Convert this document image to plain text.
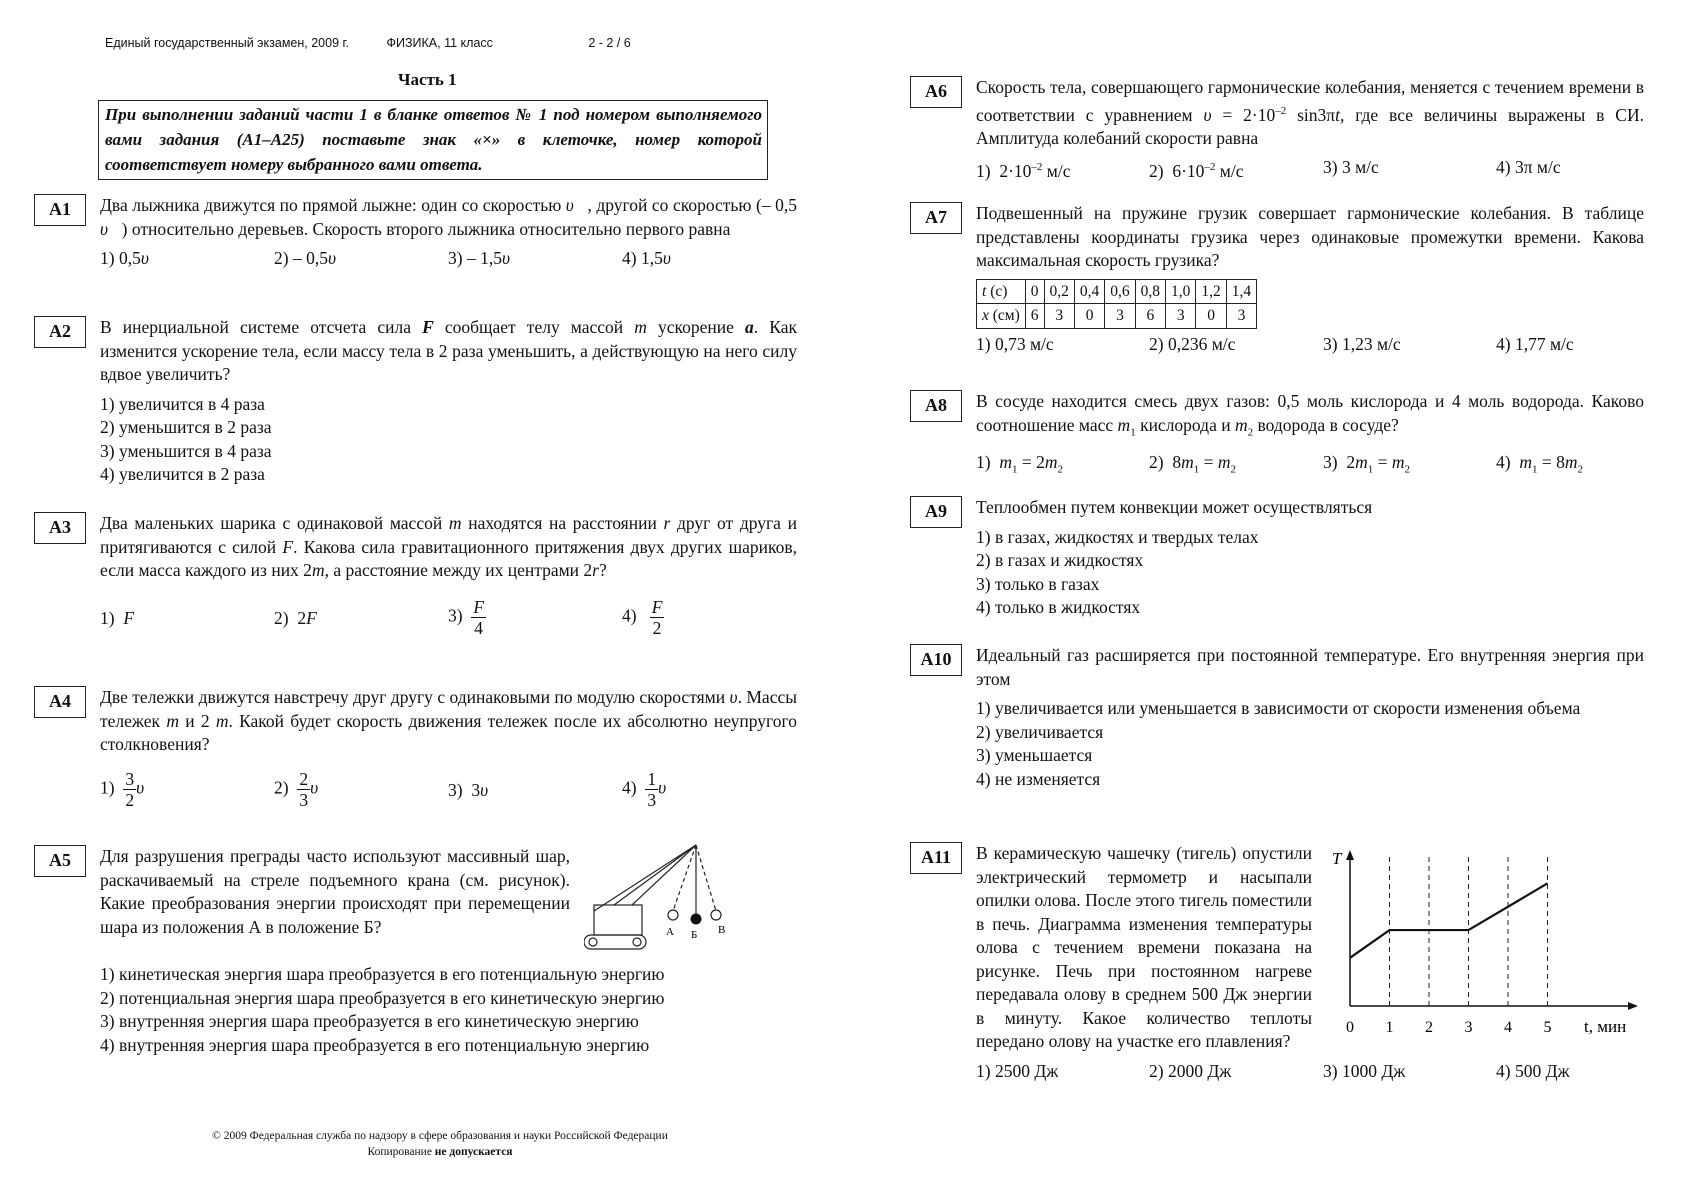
Единый государственный экзамен, 2009 г.	ФИЗИКА, 11 класс	2 - 2 / 6
Часть 1
При выполнении заданий части 1 в бланке ответов № 1 под номером выполняемого вами задания (А1–А25) поставьте знак «×» в клеточке, номер которой соответствует номеру выбранного вами ответа.
А1	Два лыжника движутся по прямой лыжне: один со скоростью υ⃗, другой со скоростью (– 0,5 υ⃗) относительно деревьев. Скорость второго лыжника относительно первого равна
1) 0,5υ⃗	2) – 0,5υ⃗	3) – 1,5υ⃗	4) 1,5υ⃗
А2	В инерциальной системе отсчета сила F сообщает телу массой m ускорение a. Как изменится ускорение тела, если массу тела в 2 раза уменьшить, а действующую на него силу вдвое увеличить?
1) увеличится в 4 раза
2) уменьшится в 2 раза
3) уменьшится в 4 раза
4) увеличится в 2 раза
А3	Два маленьких шарика с одинаковой массой m находятся на расстоянии r друг от друга и притягиваются с силой F. Какова сила гравитационного притяжения двух других шариков, если масса каждого из них 2m, а расстояние между их центрами 2r?
1) F	2)  2F	$3) \frac{F}{4}$	$4) \frac{F}{2}$
А4	Две тележки движутся навстречу друг другу с одинаковыми по модулю скоростями υ. Массы тележек m и 2 m. Какой будет скорость движения тележек после их абсолютно неупругого столкновения?
$1) \frac{3}{2}$ υ	$2) \frac{2}{3}$ υ	3)  3υ	$4) \frac{1}{3}$ υ
А5	Для разрушения преграды часто используют массивный шар, раскачиваемый на стреле подъемного крана (см. рисунок). Какие преобразования энергии происходят при перемещении шара из положения А в положение Б?	А Б В
1) кинетическая энергия шара преобразуется в его потенциальную энергию
2) потенциальная энергия шара преобразуется в его кинетическую энергию
3) внутренняя энергия шара преобразуется в его кинетическую энергию
4) внутренняя энергия шара преобразуется в его потенциальную энергию
© 2009 Федеральная служба по надзору в сфере образования и науки Российской Федерации
Копирование не допускается
А6	Скорость тела, совершающего гармонические колебания, меняется с течением времени в соответствии с уравнением $\upsilon = 2\cdot 10^{-2}$ sin3πt, где все величины выражены в СИ. Амплитуда колебаний скорости равна
1)  $2\cdot 10^{-2}$ м/с	2)  $6\cdot 10^{-2}$ м/с	3) 3 м/с	4) 3π м/с
А7	Подвешенный на пружине грузик совершает гармонические колебания. В таблице представлены координаты грузика через одинаковые промежутки времени. Какова максимальная скорость грузика?
t (с)	0	0,2	0,4	0,6	0,8	1,0	1,2	1,4
x (см)	6	3	0	3	6	3	0	3
1) 0,73 м/с	2) 0,236 м/с	3) 1,23 м/с	4) 1,77 м/с
А8	В сосуде находится смесь двух газов: 0,5 моль кислорода и 4 моль водорода. Каково соотношение масс $m_1$ кислорода и $m_2$ водорода в сосуде?
1) $m_1 = 2m_2$	2)  $8m_1 = m_2$	3)  $2m_1 = m_2$	4) $m_1 = 8m_2$
А9	Теплообмен путем конвекции может осуществляться
1) в газах, жидкостях и твердых телах
2) в газах и жидкостях
3) только в газах
4) только в жидкостях
А10	Идеальный газ расширяется при постоянной температуре. Его внутренняя энергия при этом
1) увеличивается или уменьшается в зависимости от скорости изменения объема
2) увеличивается
3) уменьшается
4) не изменяется
А11	T
t, мин
0 1 2 3 4 5
В керамическую чашечку (тигель) опустили электрический термометр и насыпали опилки олова. После этого тигель поместили в печь. Диаграмма изменения температуры олова с течением времени показана на рисунке. Печь при постоянном нагреве передавала олову в среднем 500 Дж энергии в минуту. Какое количество теплоты передано олову на участке его плавления?
1) 2500 Дж	2) 2000 Дж	3) 1000 Дж	4) 500 Дж
